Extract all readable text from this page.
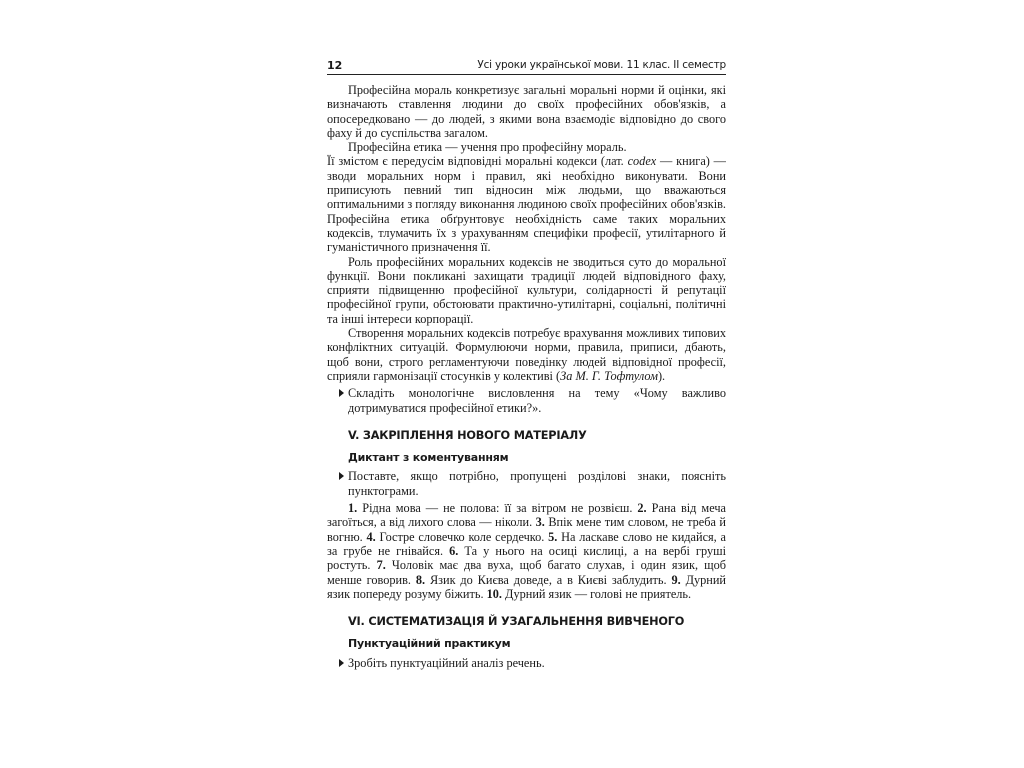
12	Усі уроки української мови. 11 клас. ІІ семестр

Професійна мораль конкретизує загальні моральні норми й оцінки, які визначають ставлення людини до своїх професійних обов'язків, а опосередковано — до людей, з якими вона взаємодіє відповідно до свого фаху й до суспільства загалом.

Професійна етика — учення про професійну мораль.

Її змістом є передусім відповідні моральні кодекси (лат. codex — книга) — зводи моральних норм і правил, які необхідно виконувати. Вони приписують певний тип відносин між людьми, що вважаються оптимальними з погляду виконання людиною своїх професійних обов'язків. Професійна етика обґрунтовує необхідність саме таких моральних кодексів, тлумачить їх з урахуванням специфіки професії, утилітарного й гуманістичного призначення її.

Роль професійних моральних кодексів не зводиться суто до моральної функції. Вони покликані захищати традиції людей відповідного фаху, сприяти підвищенню професійної культури, солідарності й репутації професійної групи, обстоювати практично-утилітарні, соціальні, політичні та інші інтереси корпорації.

Створення моральних кодексів потребує врахування можливих типових конфліктних ситуацій. Формулюючи норми, правила, приписи, дбають, щоб вони, строго регламентуючи поведінку людей відповідної професії, сприяли гармонізації стосунків у колективі (За М. Г. Тофтулом).

Складіть монологічне висловлення на тему «Чому важливо дотримуватися професійної етики?».

V. ЗАКРІПЛЕННЯ НОВОГО МАТЕРІАЛУ
Диктант з коментуванням

Поставте, якщо потрібно, пропущені розділові знаки, поясніть пунктограми.

1. Рідна мова — не полова: її за вітром не розвієш. 2. Рана від меча загоїться, а від лихого слова — ніколи. 3. Впік мене тим словом, не треба й вогню. 4. Гостре словечко коле сердечко. 5. На ласкаве слово не кидайся, а за грубе не гнівайся. 6. Та у нього на осиці кислиці, а на вербі груші ростуть. 7. Чоловік має два вуха, щоб багато слухав, і один язик, щоб менше говорив. 8. Язик до Києва доведе, а в Києві заблудить. 9. Дурний язик попереду розуму біжить. 10. Дурний язик — голові не приятель.

VI. СИСТЕМАТИЗАЦІЯ Й УЗАГАЛЬНЕННЯ ВИВЧЕНОГО
Пунктуаційний практикум

Зробіть пунктуаційний аналіз речень.
